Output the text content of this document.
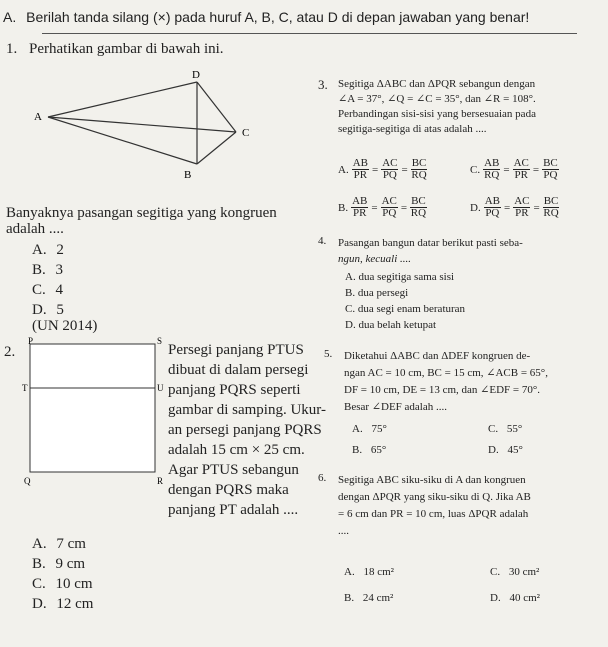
A. Berilah tanda silang (×) pada huruf A, B, C, atau D di depan jawaban yang benar!
1. Perhatikan gambar di bawah ini.
D
A
C
B
Banyaknya pasangan segitiga yang kongruen
adalah ....
A. 2
B. 3
C. 4
D. 5
(UN 2014)
2.
P	S
T	U
Q	R
Persegi panjang PTUS
dibuat di dalam persegi
panjang PQRS seperti
gambar di samping. Ukur-
an persegi panjang PQRS
adalah 15 cm × 25 cm.
Agar PTUS sebangun
dengan PQRS maka
panjang PT adalah ....
A. 7 cm
B. 9 cm
C. 10 cm
D. 12 cm
3. Segitiga ΔABC dan ΔPQR sebangun dengan
∠A = 37°, ∠Q = ∠C = 35°, dan ∠R = 108°.
Perbandingan sisi-sisi yang bersesuaian pada
segitiga-segitiga di atas adalah ....
A. $\frac{AB}{PR} = \frac{AC}{PQ} = \frac{BC}{RQ}$	C. $\frac{AB}{RQ} = \frac{AC}{PR} = \frac{BC}{PQ}$
B. $\frac{AB}{PR} = \frac{AC}{PQ} = \frac{BC}{RQ}$	D. $\frac{AB}{PQ} = \frac{AC}{PR} = \frac{BC}{RQ}$
4. Pasangan bangun datar berikut pasti seba-
ngun, kecuali ....
A. dua segitiga sama sisi
B. dua persegi
C. dua segi enam beraturan
D. dua belah ketupat
5. Diketahui ΔABC dan ΔDEF kongruen de-
ngan AC = 10 cm, BC = 15 cm, ∠ACB = 65°,
DF = 10 cm, DE = 13 cm, dan ∠EDF = 70°.
Besar ∠DEF adalah ....
A. 75°	C. 55°
B. 65°	D. 45°
6. Segitiga ABC siku-siku di A dan kongruen
dengan ΔPQR yang siku-siku di Q. Jika AB
= 6 cm dan PR = 10 cm, luas ΔPQR adalah
....
A. 18 cm²	C. 30 cm²
B. 24 cm²	D. 40 cm²
